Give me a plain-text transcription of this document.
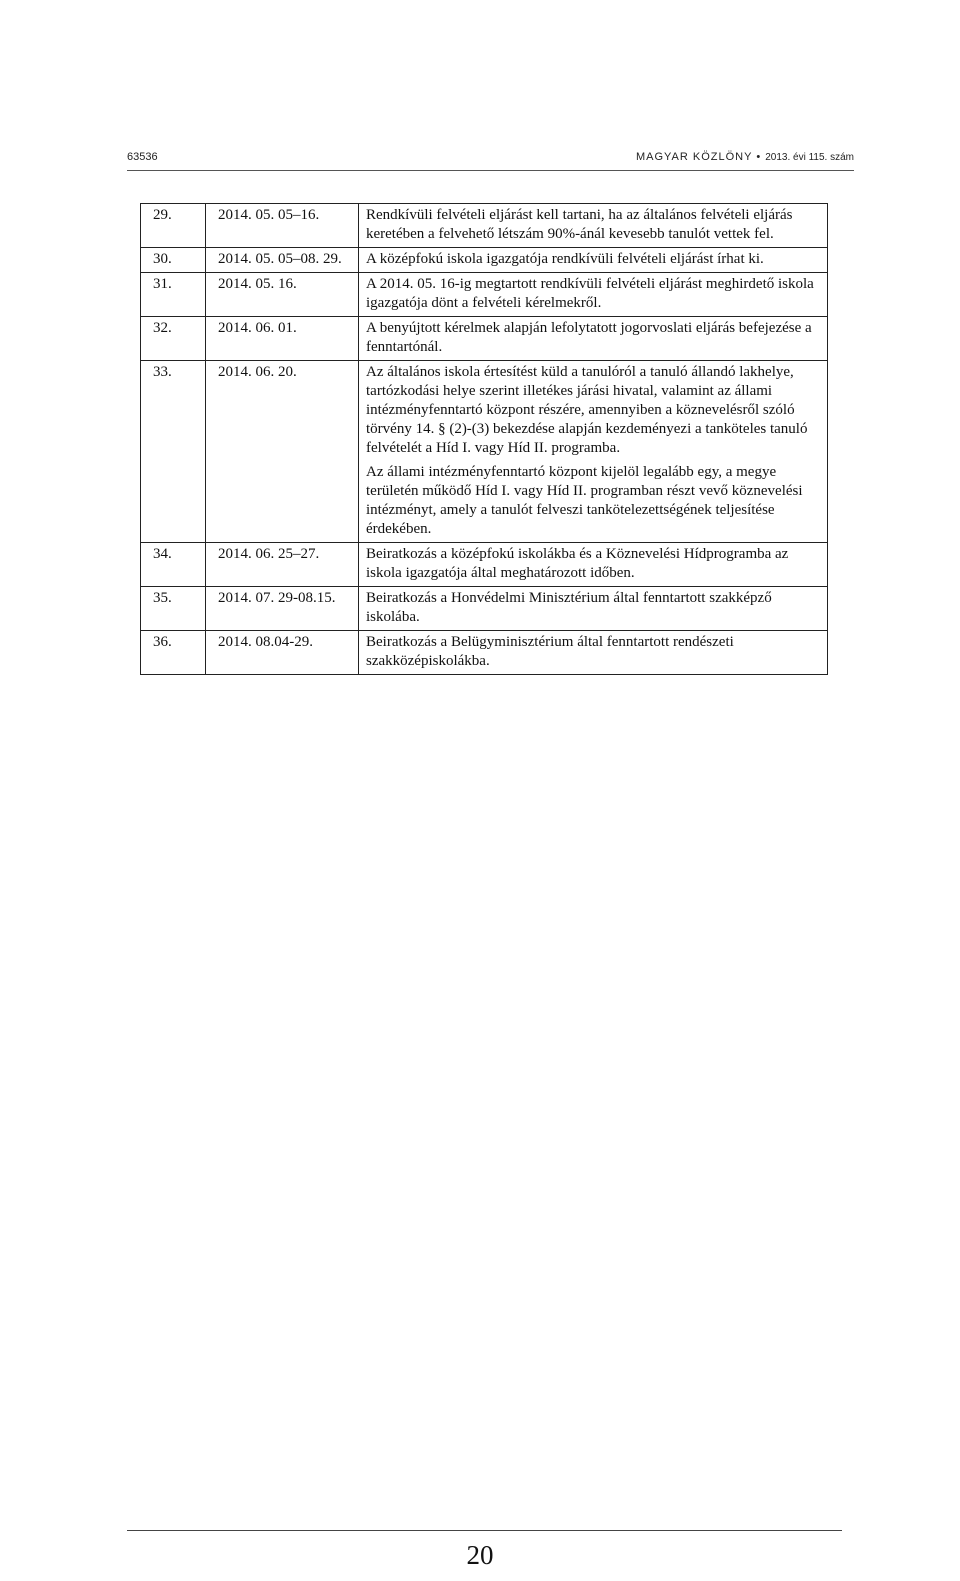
63536	MAGYAR KÖZLÖNY • 2013. évi 115. szám
29.	2014. 05. 05–16.	Rendkívüli felvételi eljárást kell tartani, ha az általános felvételi eljárás keretében a felvehető létszám 90%-ánál kevesebb tanulót vettek fel.

30.	2014. 05. 05–08. 29.	A középfokú iskola igazgatója rendkívüli felvételi eljárást írhat ki.

31.	2014. 05. 16.	A 2014. 05. 16-ig megtartott rendkívüli felvételi eljárást meghirdető iskola igazgatója dönt a felvételi kérelmekről.

32.	2014. 06. 01.	A benyújtott kérelmek alapján lefolytatott jogorvoslati eljárás befejezése a fenntartónál.

33.	2014. 06. 20.	Az általános iskola értesítést küld a tanulóról a tanuló állandó lakhelye, tartózkodási helye szerint illetékes járási hivatal, valamint az állami intézményfenntartó központ részére, amennyiben a köznevelésről szóló törvény 14. § (2)-(3) bekezdése alapján kezdeményezi a tanköteles tanuló felvételét a Híd I. vagy Híd II. programba.

Az állami intézményfenntartó központ kijelöl legalább egy, a megye területén működő Híd I. vagy Híd II. programban részt vevő köznevelési intézményt, amely a tanulót felveszi tankötelezettségének teljesítése érdekében.

34.	2014. 06. 25–27.	Beiratkozás a középfokú iskolákba és a Köznevelési Hídprogramba az iskola igazgatója által meghatározott időben.

35.	2014. 07. 29-08.15.	Beiratkozás a Honvédelmi Minisztérium által fenntartott szakképző iskolába.

36.	2014. 08.04-29.	Beiratkozás a Belügyminisztérium által fenntartott rendészeti szakközépiskolákba.

20
